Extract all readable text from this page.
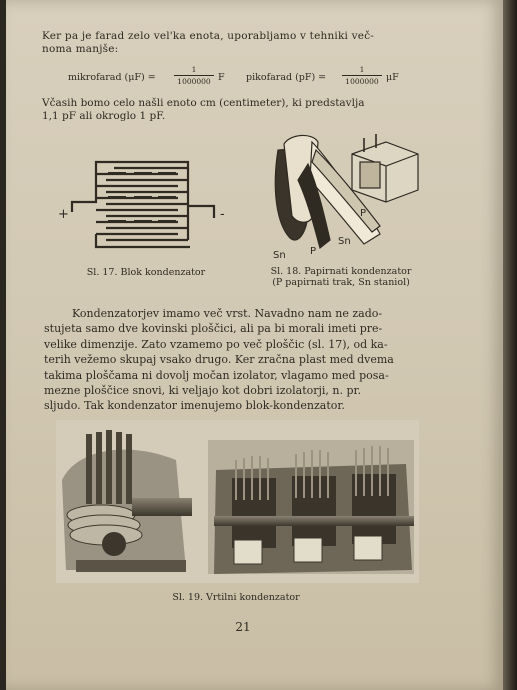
Ker pa je farad zelo vel'ka enota, uporabljamo v tehniki več-
noma manjše:
mikrofarad (μF) =
1
1000000 F pikofarad (pF) =
1
1000000 μF
Včasih bomo celo našli enoto cm (centimeter), ki predstavlja
1,1 pF ali okroglo 1 pF.
+	-
Sl. 17. Blok kondenzator
Sn P
P
Sn
Sl. 18. Papirnati kondenzator
(P papirnati trak, Sn staniol)
Kondenzatorjev imamo več vrst. Navadno nam ne zado-
stujeta samo dve kovinski ploščici, ali pa bi morali imeti pre-
velike dimenzije. Zato vzamemo po več ploščic (sl. 17), od ka-
terih vežemo skupaj vsako drugo. Ker zračna plast med dvema
takima ploščama ni dovolj močan izolator, vlagamo med posa-
mezne ploščice snovi, ki veljajo kot dobri izolatorji, n. pr.
sljudo. Tak kondenzator imenujemo blok-kondenzator.
Sl. 19. Vrtilni kondenzator
21
